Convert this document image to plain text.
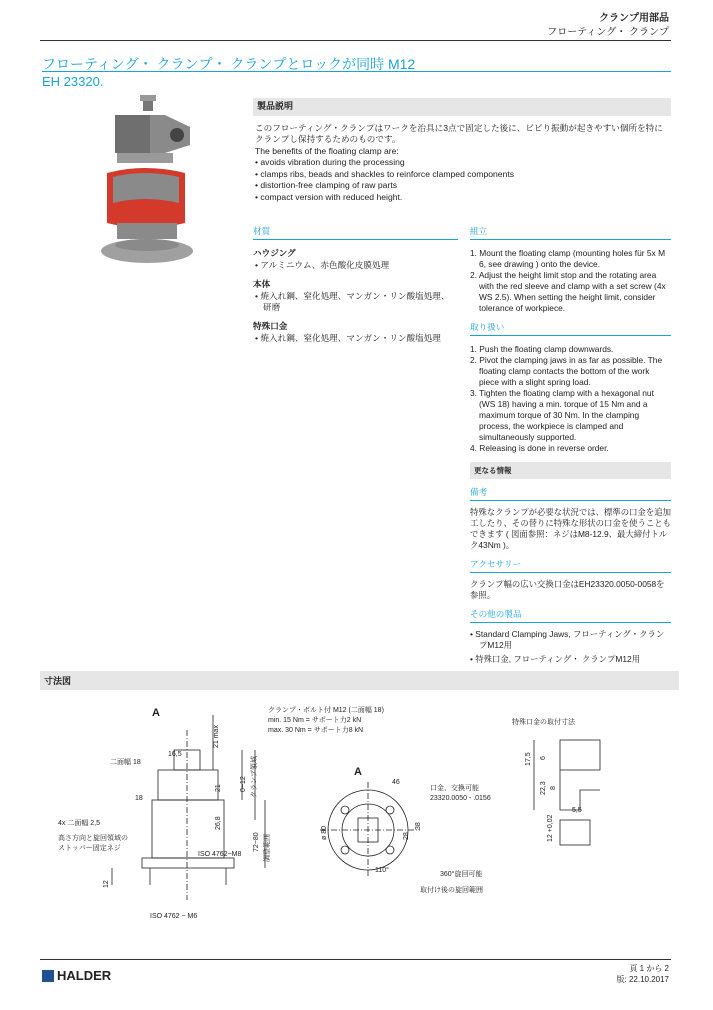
クランプ用部品
フローティング・ クランプ
フローティング・ クランプ・ クランプとロックが同時 M12
EH 23320.
製品説明

このフローティング・クランプはワークを治具に3点で固定した後に、ビビり振動が起きやすい個所を特にクランプし保持するためのものです。

The benefits of the floating clamp are:
• avoids vibration during the processing
• clamps ribs, beads and shackles to reinforce clamped components
• distortion-free clamping of raw parts
• compact version with reduced height.
材質
ハウジング
• アルミニウム、赤色酸化皮膜処理
本体
• 焼入れ鋼、窒化処理、マンガン・リン酸塩処理、研磨
特殊口金
• 焼入れ鋼、窒化処理、マンガン・リン酸塩処理
組立
1. Mount the floating clamp (mounting holes für 5x M 6, see drawing ) onto the device.
2. Adjust the height limit stop and the rotating area with the red sleeve and clamp with a set screw (4x WS 2.5). When setting the height limit, consider tolerance of workpiece.
取り扱い
1. Push the floating clamp downwards.
2. Pivot the clamping jaws in as far as possible. The floating clamp contacts the bottom of the work piece with a slight spring load.
3. Tighten the floating clamp with a hexagonal nut (WS 18) having a min. torque of 15 Nm and a maximum torque of 30 Nm. In the clamping process, the workpiece is clamped and simultaneously supported.
4. Releasing is done in reverse order.
更なる情報
備考
特殊なクランプが必要な状況では、標準の口金を追加工したり、その替りに特殊な形状の口金を使うこともできます ( 図面参照：ネジはM8-12.9、最大締付トルク43Nm )。
アクセサリー
クランプ幅の広い交換口金はEH23320.0050-0058を参照。
その他の製品
• Standard Clamping Jaws, フローティング・クランプM12用
• 特殊口金, フローティング・ クランプM12用
寸法図
A	クランプ・ボルト付 M12 (二面幅 18)
min. 15 Nm = サポート力2 kN
max. 30 Nm = サポート力8 kN
二面幅 18
16,5
21 max
0−12 クランプ領域
21
26,8
72−80 調整範囲
18
4x 二面幅 2,5
高さ方向と旋回領域の
ストッパー固定ネジ
ISO 4762−M8
12
ISO 4762 − M6
A
46
ø 80	38
28
110°
口金、交換可能
23320.0050 - .0156
360°旋回可能
取付け後の旋回範囲
特殊口金の取付寸法
17,5 6
22,3 8
5,5
12 +0,02
HALDER	頁 1 から 2
版: 22.10.2017
